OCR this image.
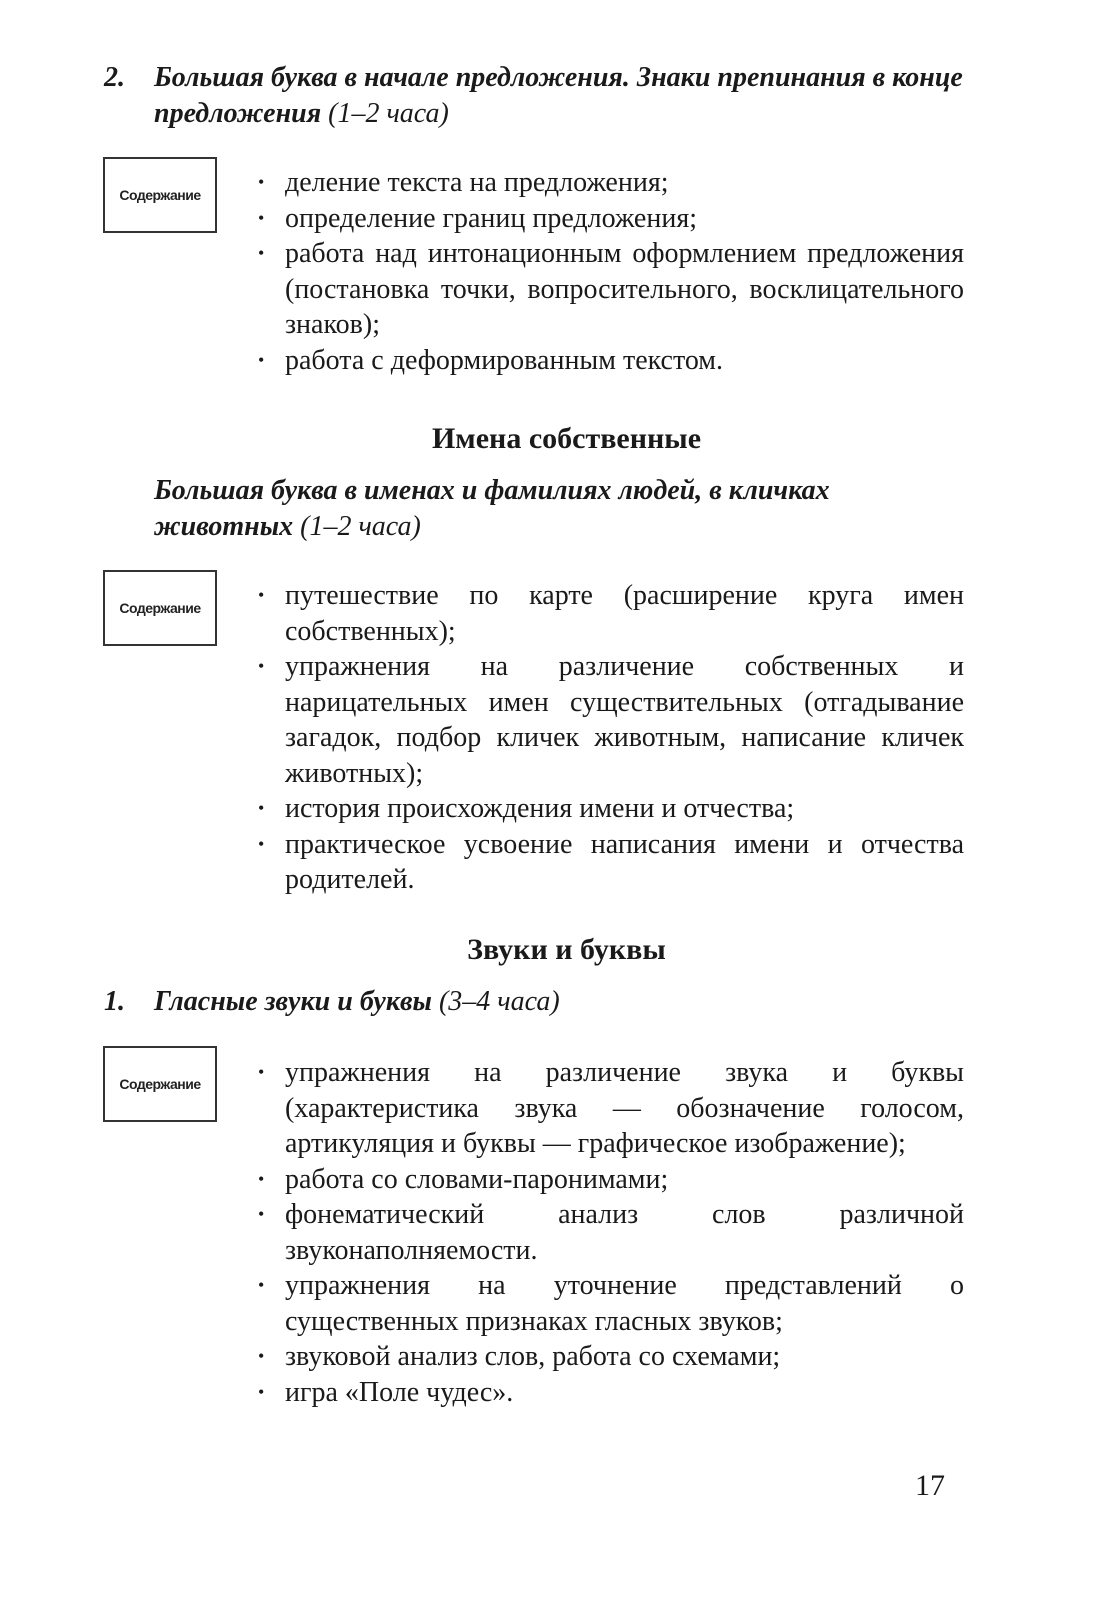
2. Большая буква в начале предложения. Знаки препинания в конце предложения (1–2 часа)
Содержание
• деление текста на предложения;
• определение границ предложения;
• работа над интонационным оформлением предложения (постановка точки, вопросительного, восклицательного знаков);
• работа с деформированным текстом.
Имена собственные
Большая буква в именах и фамилиях людей, в кличках животных (1–2 часа)
Содержание
• путешествие по карте (расширение круга имен собственных);
• упражнения на различение собственных и нарицательных имен существительных (отгадывание загадок, подбор кличек животным, написание кличек животных);
• история происхождения имени и отчества;
• практическое усвоение написания имени и отчества родителей.
Звуки и буквы
1. Гласные звуки и буквы (3–4 часа)
Содержание
• упражнения на различение звука и буквы (характеристика звука — обозначение голосом, артикуляция и буквы — графическое изображение);
• работа со словами-паронимами;
• фонематический анализ слов различной звуконаполняемости.
• упражнения на уточнение представлений о существенных признаках гласных звуков;
• звуковой анализ слов, работа со схемами;
• игра «Поле чудес».
17
